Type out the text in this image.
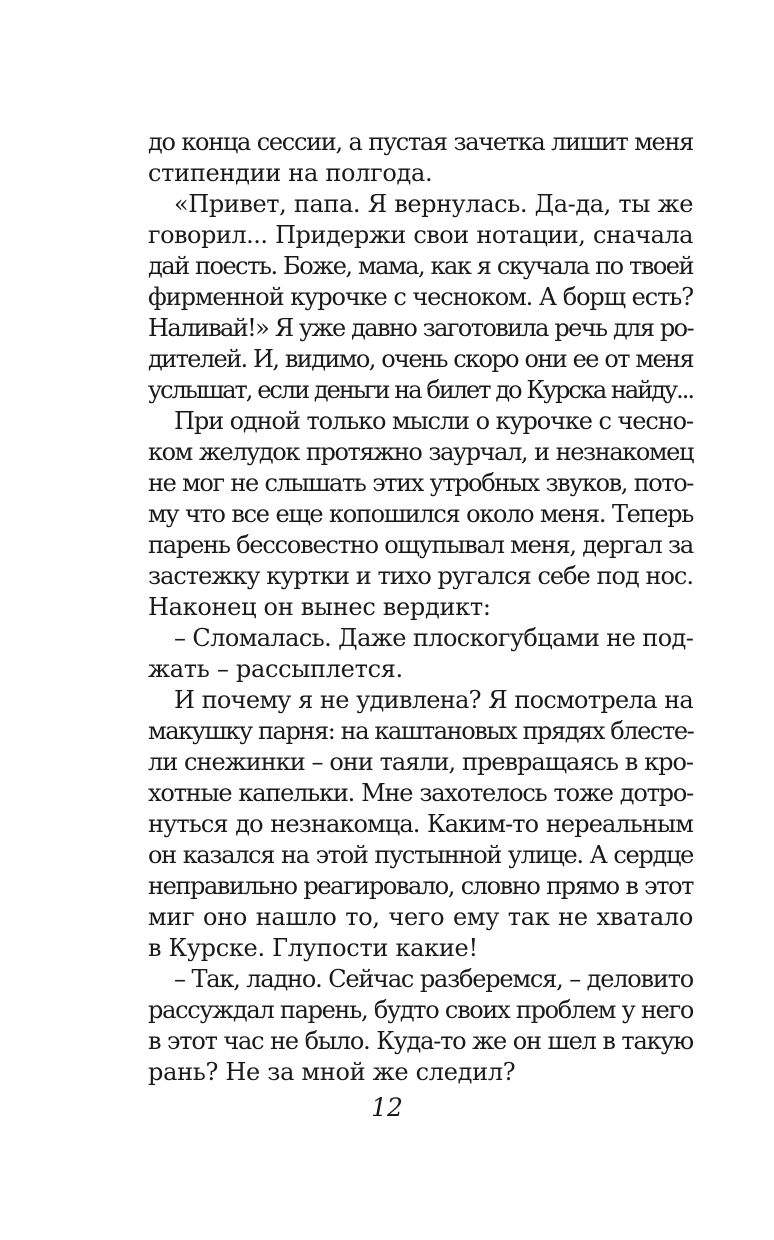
до конца сессии, а пустая зачетка лишит меня
стипендии на полгода.
«Привет, папа. Я вернулась. Да-да, ты же
говорил... Придержи свои нотации, сначала
дай поесть. Боже, мама, как я скучала по твоей
фирменной курочке с чесноком. А борщ есть?
Наливай!» Я уже давно заготовила речь для ро-
дителей. И, видимо, очень скоро они ее от меня
услышат, если деньги на билет до Курска найду...
При одной только мысли о курочке с чесно-
ком желудок протяжно заурчал, и незнакомец
не мог не слышать этих утробных звуков, пото-
му что все еще копошился около меня. Теперь
парень бессовестно ощупывал меня, дергал за
застежку куртки и тихо ругался себе под нос.
Наконец он вынес вердикт:
– Сломалась. Даже плоскогубцами не под-
жать – рассыплется.
И почему я не удивлена? Я посмотрела на
макушку парня: на каштановых прядях блесте-
ли снежинки – они таяли, превращаясь в кро-
хотные капельки. Мне захотелось тоже дотро-
нуться до незнакомца. Каким-то нереальным
он казался на этой пустынной улице. А сердце
неправильно реагировало, словно прямо в этот
миг оно нашло то, чего ему так не хватало
в Курске. Глупости какие!
– Так, ладно. Сейчас разберемся, – деловито
рассуждал парень, будто своих проблем у него
в этот час не было. Куда-то же он шел в такую
рань? Не за мной же следил?
12
